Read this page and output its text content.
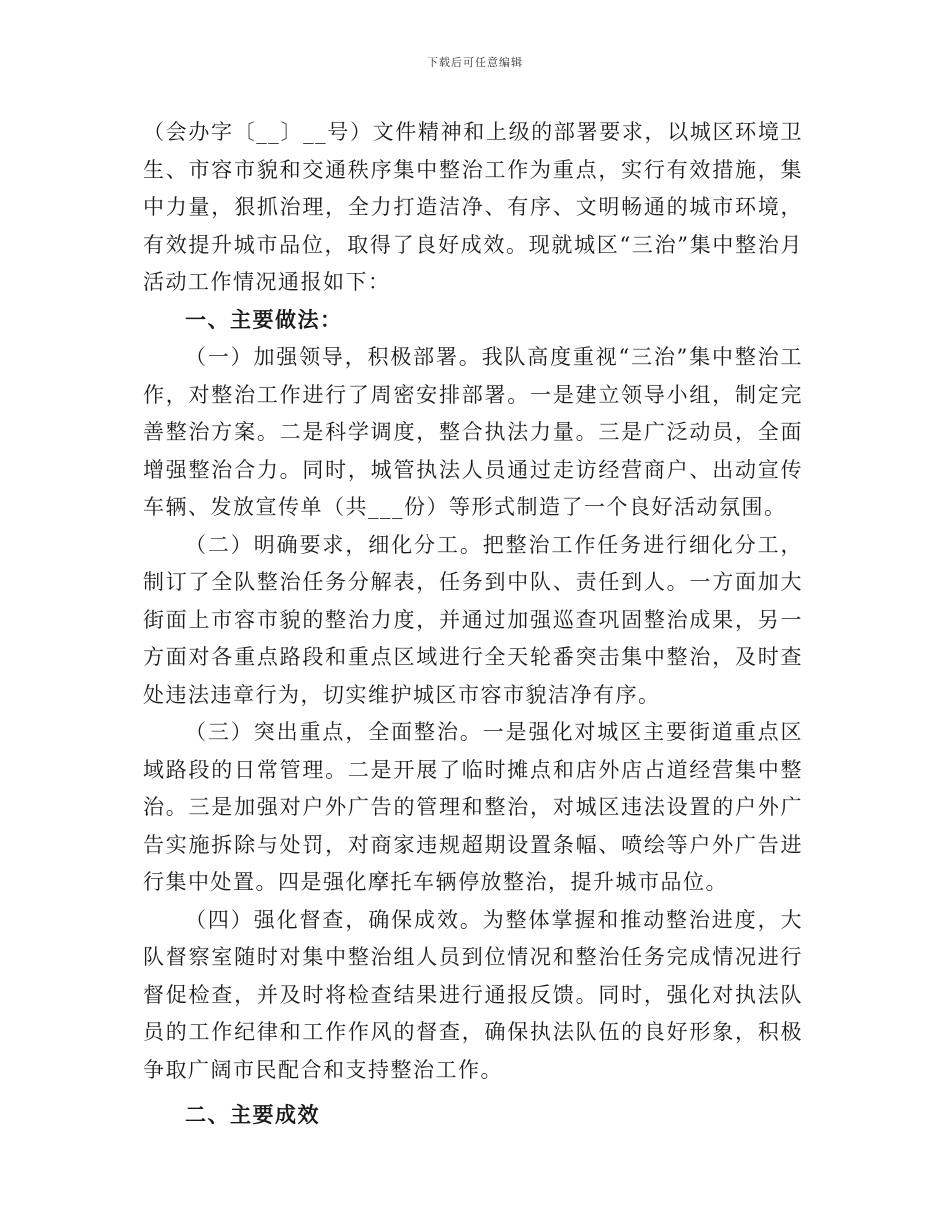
下载后可任意编辑

（会办字〔__〕__号）文件精神和上级的部署要求，以城区环境卫生、市容市貌和交通秩序集中整治工作为重点，实行有效措施，集中力量，狠抓治理，全力打造洁净、有序、文明畅通的城市环境，有效提升城市品位，取得了良好成效。现就城区“三治”集中整治月活动工作情况通报如下：

一、主要做法：

（一）加强领导，积极部署。我队高度重视“三治”集中整治工作，对整治工作进行了周密安排部署。一是建立领导小组，制定完善整治方案。二是科学调度，整合执法力量。三是广泛动员，全面增强整治合力。同时，城管执法人员通过走访经营商户、出动宣传车辆、发放宣传单（共___份）等形式制造了一个良好活动氛围。

（二）明确要求，细化分工。把整治工作任务进行细化分工，制订了全队整治任务分解表，任务到中队、责任到人。一方面加大街面上市容市貌的整治力度，并通过加强巡查巩固整治成果，另一方面对各重点路段和重点区域进行全天轮番突击集中整治，及时查处违法违章行为，切实维护城区市容市貌洁净有序。

（三）突出重点，全面整治。一是强化对城区主要街道重点区域路段的日常管理。二是开展了临时摊点和店外店占道经营集中整治。三是加强对户外广告的管理和整治，对城区违法设置的户外广告实施拆除与处罚，对商家违规超期设置条幅、喷绘等户外广告进行集中处置。四是强化摩托车辆停放整治，提升城市品位。

（四）强化督查，确保成效。为整体掌握和推动整治进度，大队督察室随时对集中整治组人员到位情况和整治任务完成情况进行督促检查，并及时将检查结果进行通报反馈。同时，强化对执法队员的工作纪律和工作作风的督查，确保执法队伍的良好形象，积极争取广阔市民配合和支持整治工作。

二、主要成效
